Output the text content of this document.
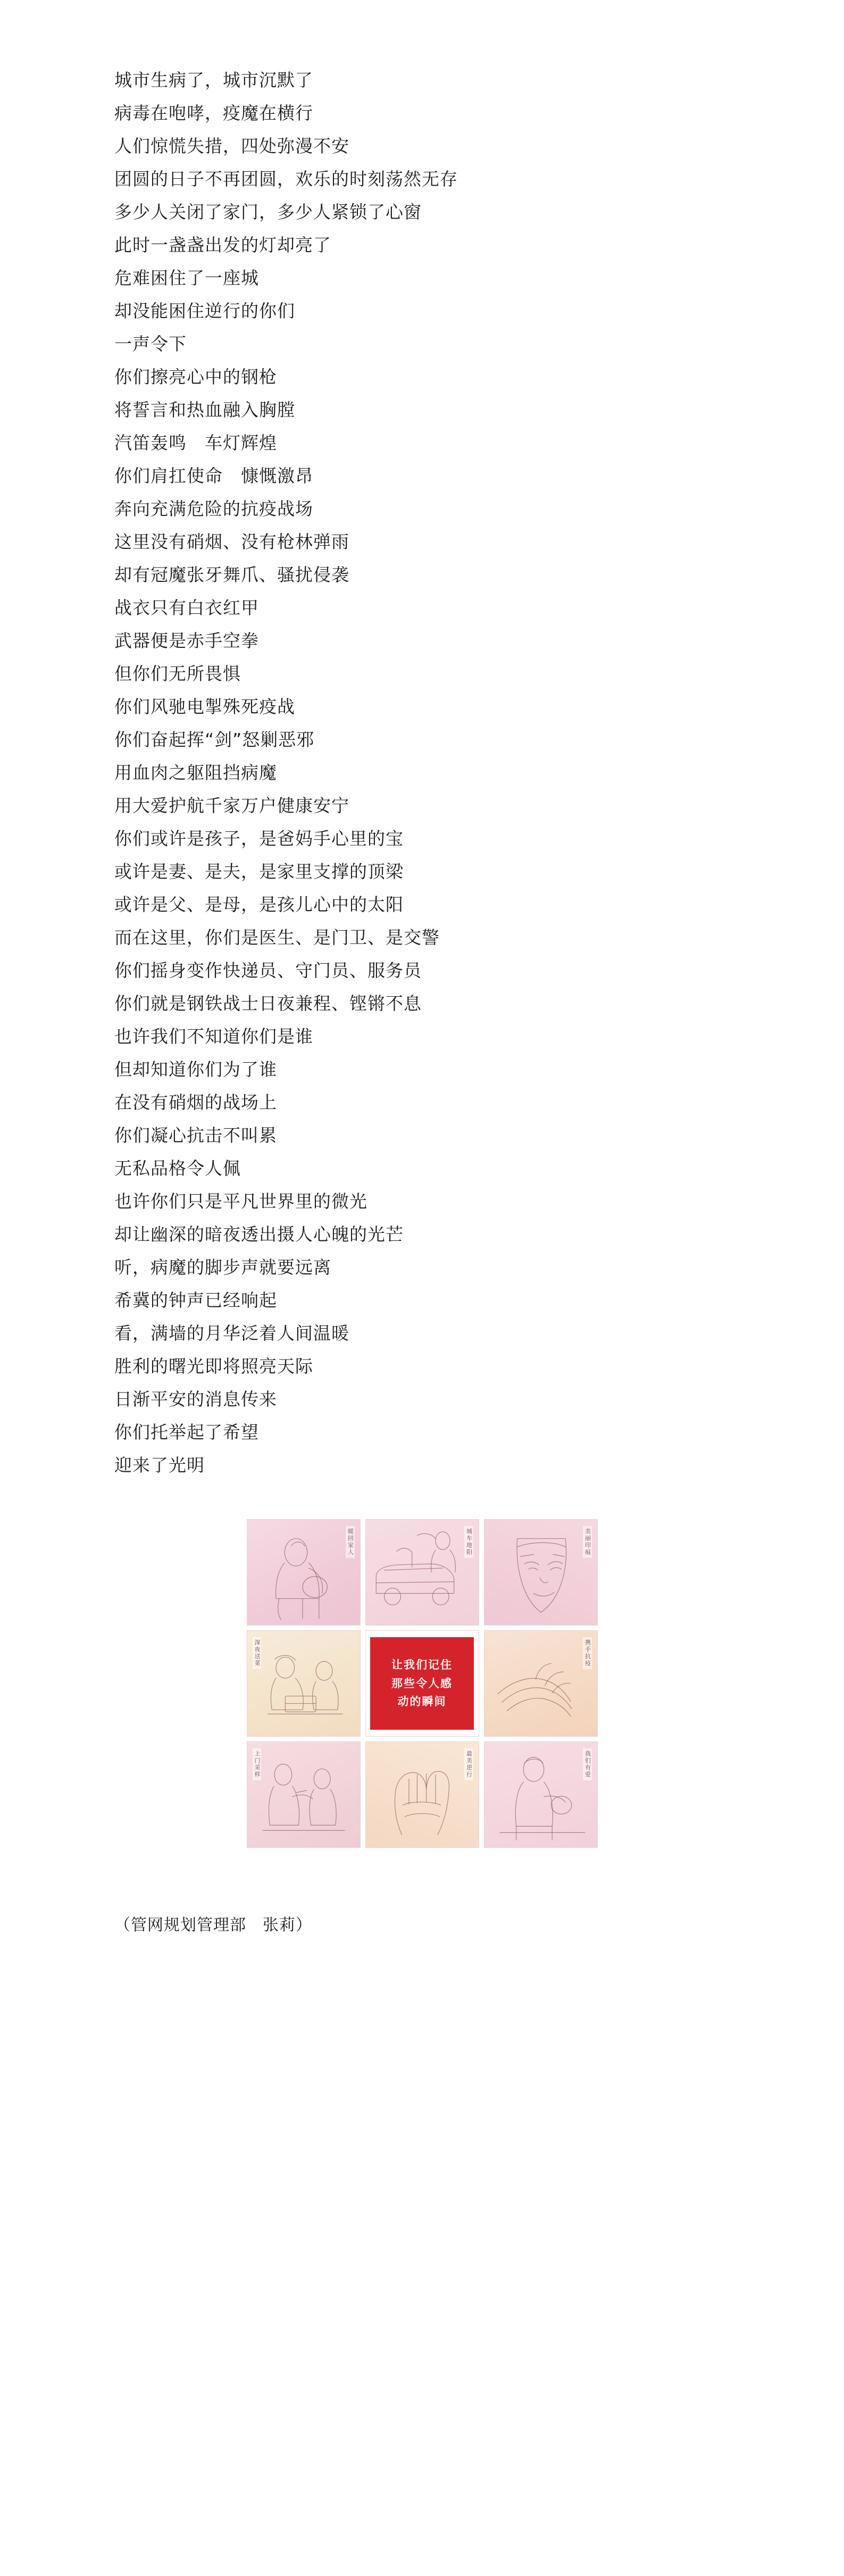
城市生病了，城市沉默了
病毒在咆哮，疫魔在横行
人们惊慌失措，四处弥漫不安
团圆的日子不再团圆，欢乐的时刻荡然无存
多少人关闭了家门，多少人紧锁了心窗
此时一盏盏出发的灯却亮了
危难困住了一座城
却没能困住逆行的你们
一声令下
你们擦亮心中的钢枪
将誓言和热血融入胸膛
汽笛轰鸣　车灯辉煌
你们肩扛使命　慷慨激昂
奔向充满危险的抗疫战场
这里没有硝烟、没有枪林弹雨
却有冠魔张牙舞爪、骚扰侵袭
战衣只有白衣红甲
武器便是赤手空拳
但你们无所畏惧
你们风驰电掣殊死疫战
你们奋起挥“剑”怒剿恶邪
用血肉之躯阻挡病魔
用大爱护航千家万户健康安宁
你们或许是孩子，是爸妈手心里的宝
或许是妻、是夫，是家里支撑的顶梁
或许是父、是母，是孩儿心中的太阳
而在这里，你们是医生、是门卫、是交警
你们摇身变作快递员、守门员、服务员
你们就是钢铁战士日夜兼程、铿锵不息
也许我们不知道你们是谁
但却知道你们为了谁
在没有硝烟的战场上
你们凝心抗击不叫累
无私品格令人佩
也许你们只是平凡世界里的微光
却让幽深的暗夜透出摄人心魄的光芒
听，病魔的脚步声就要远离
希冀的钟声已经响起
看，满墙的月华泛着人间温暖
胜利的曙光即将照亮天际
日渐平安的消息传来
你们托举起了希望
迎来了光明
暖回家人	城车地阳	美丽印痕
深夜送菜	让我们记住
那些令人感
动的瞬间
携手抗疫
上门采样	最美逆行	我们有爱
（管网规划管理部　张莉）
